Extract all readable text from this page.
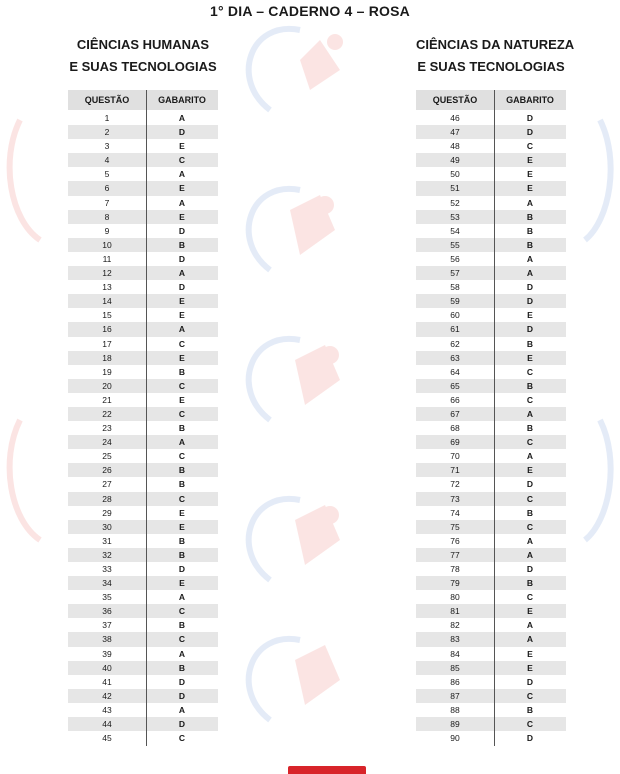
1° DIA – CADERNO 4 – ROSA
CIÊNCIAS HUMANAS
E SUAS TECNOLOGIAS
QUESTÃO	GABARITO
1	A
2	D
3	E
4	C
5	A
6	E
7	A
8	E
9	D
10	B
11	D
12	A
13	D
14	E
15	E
16	A
17	C
18	E
19	B
20	C
21	E
22	C
23	B
24	A
25	C
26	B
27	B
28	C
29	E
30	E
31	B
32	B
33	D
34	E
35	A
36	C
37	B
38	C
39	A
40	B
41	D
42	D
43	A
44	D
45	C
CIÊNCIAS DA NATUREZA
E SUAS TECNOLOGIAS
QUESTÃO	GABARITO
46	D
47	D
48	C
49	E
50	E
51	E
52	A
53	B
54	B
55	B
56	A
57	A
58	D
59	D
60	E
61	D
62	B
63	E
64	C
65	B
66	C
67	A
68	B
69	C
70	A
71	E
72	D
73	C
74	B
75	C
76	A
77	A
78	D
79	B
80	C
81	E
82	A
83	A
84	E
85	E
86	D
87	C
88	B
89	C
90	D
